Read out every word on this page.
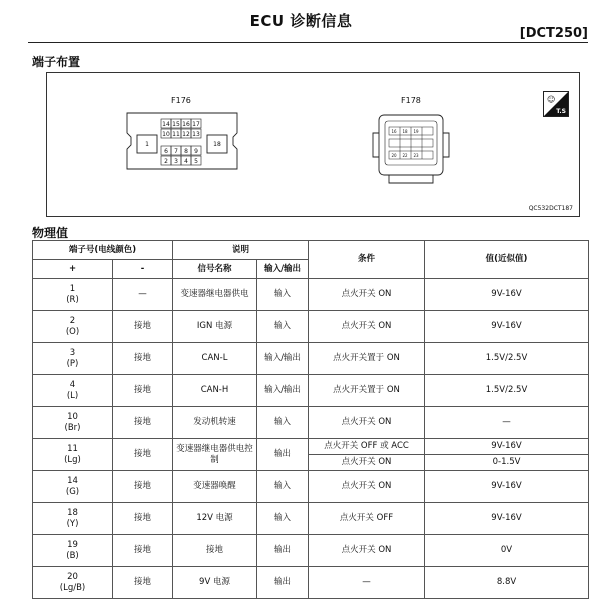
ECU 诊断信息
[DCT250]
端子布置
F176	F178
14 15 16 17
10 11 12 13
6 7 8 9
2 3 4 5
1	18
16 18 19
20 22 23
☺
T.S
QC532DCT187
物理值
端子号(电线颜色)		说明		条件	值(近似值)
+	-	信号名称	输入/输出		

1
(R)	—	变速器继电器供电	输入	点火开关 ON	9V-16V

2
(O)	接地	IGN 电源	输入	点火开关 ON	9V-16V

3
(P)	接地	CAN-L	输入/输出	点火开关置于 ON	1.5V/2.5V

4
(L)	接地	CAN-H	输入/输出	点火开关置于 ON	1.5V/2.5V

10
(Br)	接地	发动机转速	输入	点火开关 ON	—

11
(Lg)	接地	变速器继电器供电控制	输出	点火开关 OFF 或 ACC	9V-16V
				点火开关 ON	0-1.5V

14
(G)	接地	变速器唤醒	输入	点火开关 ON	9V-16V

18
(Y)	接地	12V 电源	输入	点火开关 OFF	9V-16V

19
(B)	接地	接地	输出	点火开关 ON	0V

20
(Lg/B)	接地	9V 电源	输出	—	8.8V
